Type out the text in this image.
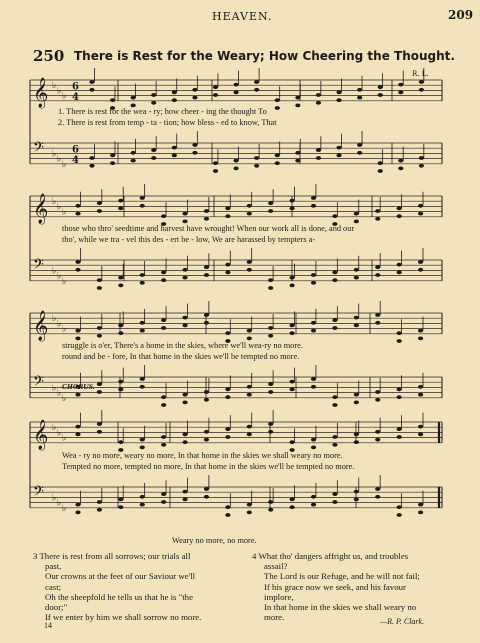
HEAVEN.	209
250 There is Rest for the Weary; How Cheering the Thought.
R. L.
𝄞 ♭
♭
♭
6
4
𝄢 ♭
♭
♭
6
4
𝄞 ♭
♭
♭
𝄢 ♭
♭
♭
𝄞 ♭
♭
♭
𝄢 ♭
♭
♭
𝄞 ♭
♭
♭
𝄢 ♭
♭
♭
1. There is rest for the wea - ry; how cheer - ing the thought To
2. There is rest from temp - ta - tion; how bless - ed to know, That
those who thro' seedtime and harvest have wrought! When our work all is done, and our
tho', while we tra - vel this des - ert be - low, We are harassed by tempters a-
struggle is o'er, There's a home in the skies, where we'll wea-ry no more.
round and be - fore, In that home in the skies we'll be tempted no more.
CHORUS.
Wea - ry no more, weary no more, In that home in the skies we shall weary no more.
Tempted no more, tempted no more, In that home in the skies we'll be tempted no more.
Weary no more, no more.
3 There is rest from all sorrows; our trials all
past,
Our crowns at the feet of our Saviour we'll
cast;
Oh the sheepfold he tells us that he is "the
door;"
If we enter by him we shall sorrow no more.
4 What tho' dangers affright us, and troubles
assail?
The Lord is our Refuge, and he will not fail;
If his grace now we seek, and his favour
implore,
In that home in the skies we shall weary no
more.
14	—R. P. Clark.
